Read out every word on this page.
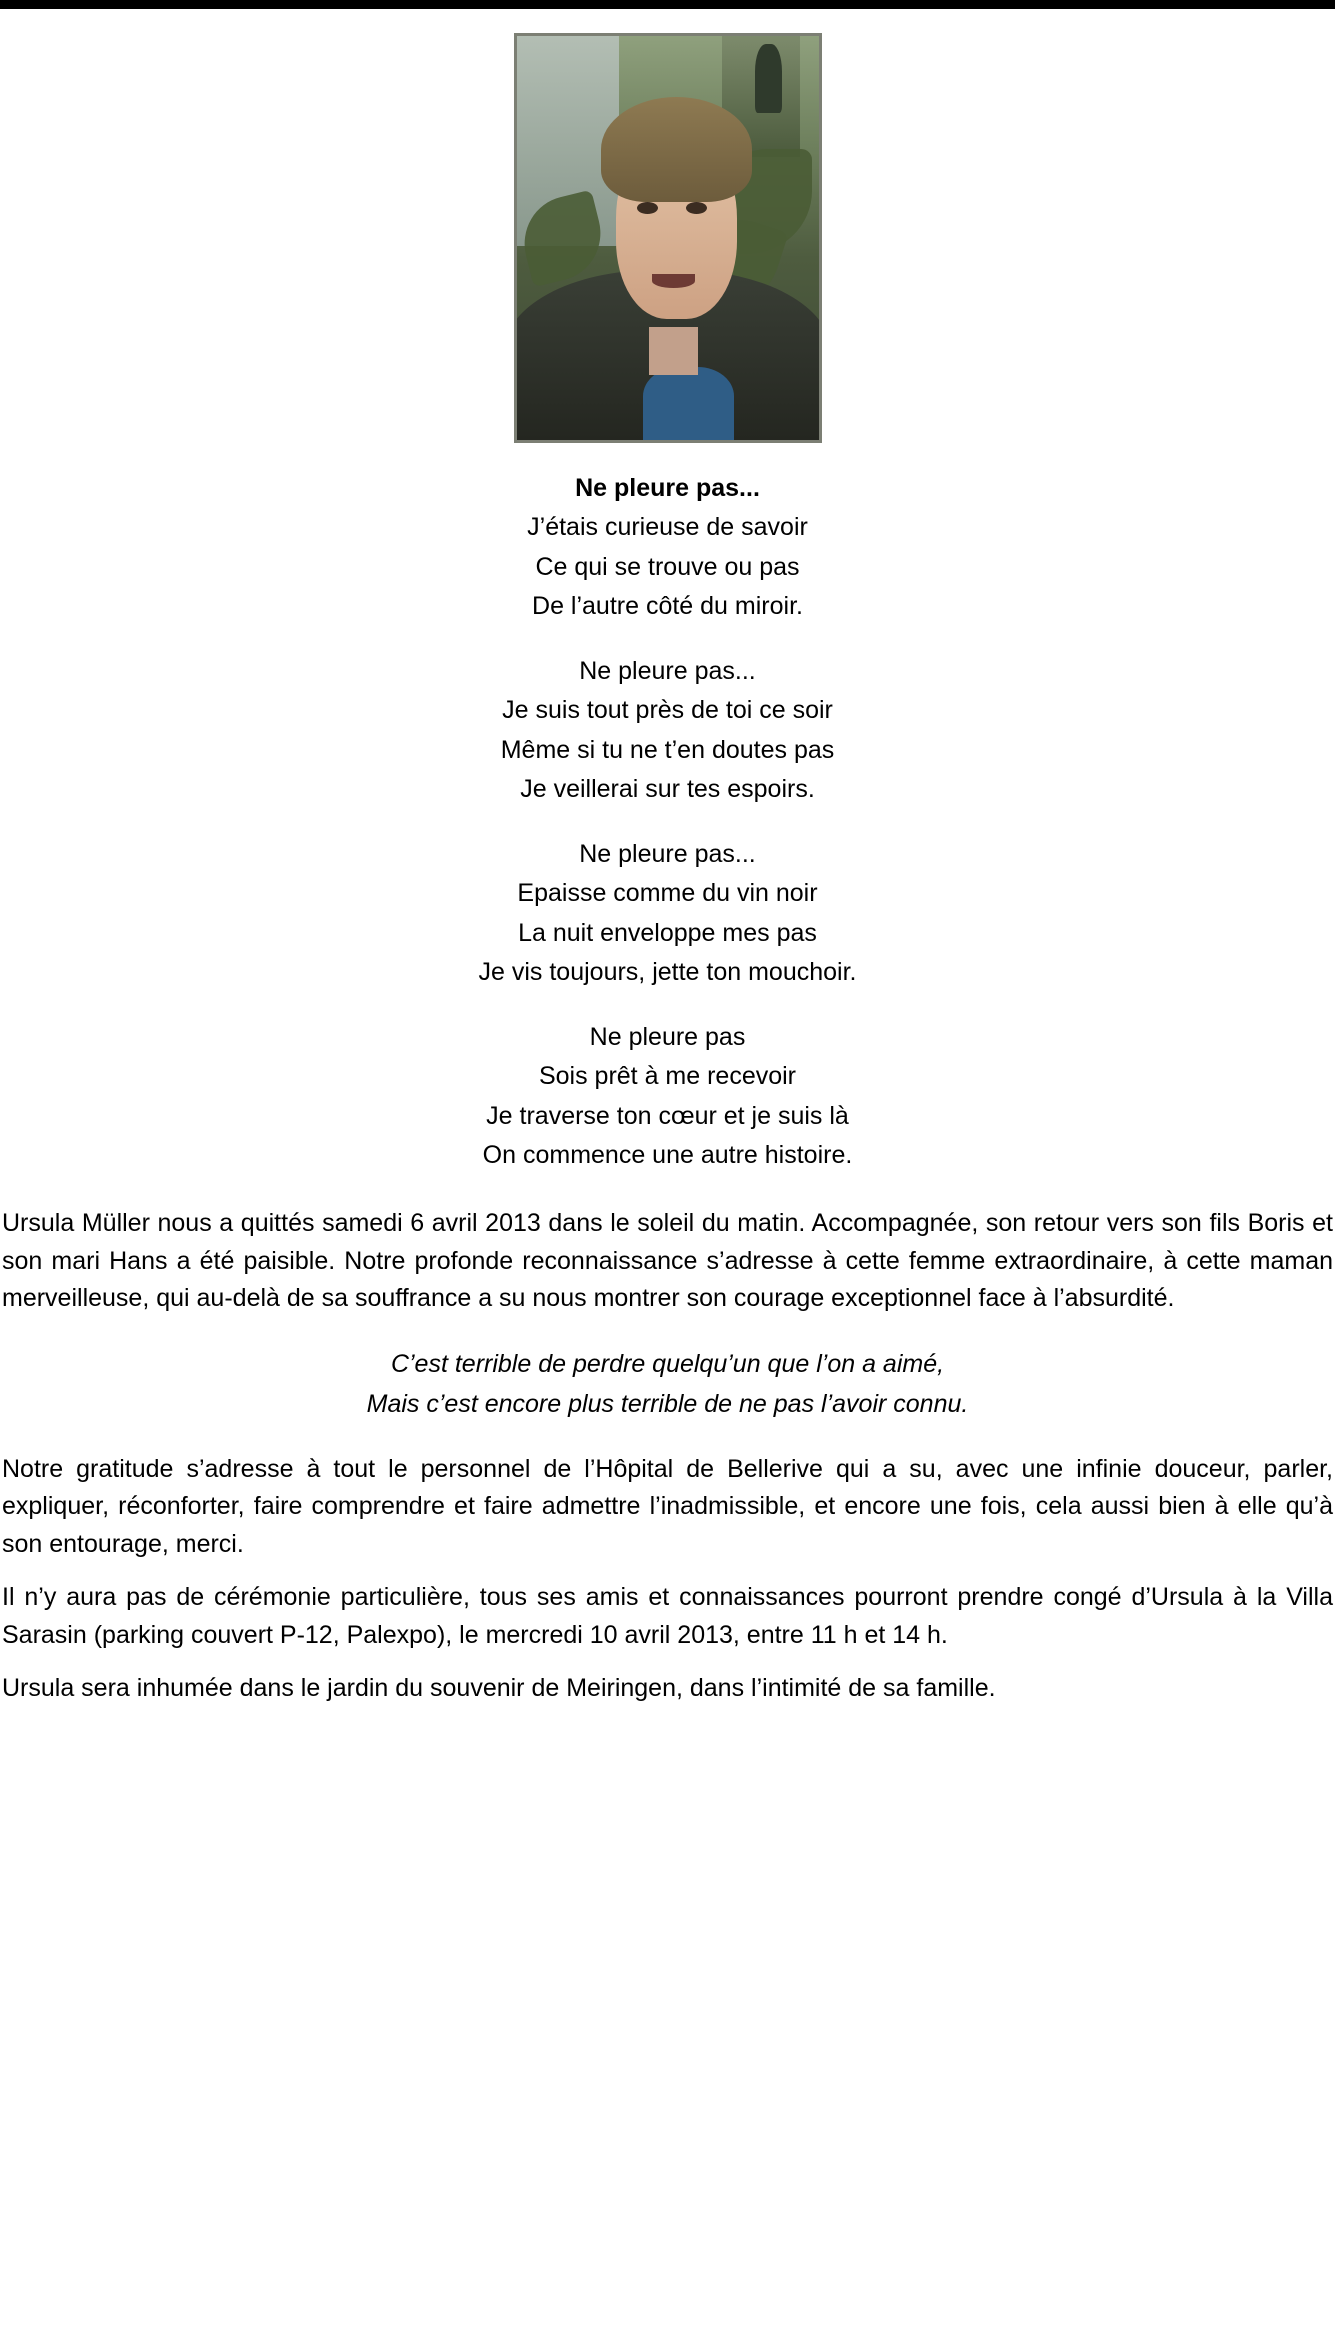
Ne pleure pas...
J’étais curieuse de savoir
Ce qui se trouve ou pas
De l’autre côté du miroir.
Ne pleure pas...
Je suis tout près de toi ce soir
Même si tu ne t’en doutes pas
Je veillerai sur tes espoirs.
Ne pleure pas...
Epaisse comme du vin noir
La nuit enveloppe mes pas
Je vis toujours, jette ton mouchoir.
Ne pleure pas
Sois prêt à me recevoir
Je traverse ton cœur et je suis là
On commence une autre histoire.

Ursula Müller nous a quittés samedi 6 avril 2013 dans le soleil du matin. Accompagnée, son retour vers son fils Boris et son mari Hans a été paisible. Notre profonde reconnaissance s’adresse à cette femme extraordinaire, à cette maman merveilleuse, qui au-delà de sa souffrance a su nous montrer son courage exceptionnel face à l’absurdité.

C’est terrible de perdre quelqu’un que l’on a aimé,
Mais c’est encore plus terrible de ne pas l’avoir connu.

Notre gratitude s’adresse à tout le personnel de l’Hôpital de Bellerive qui a su, avec une infinie douceur, parler, expliquer, réconforter, faire comprendre et faire admettre l’inadmissible, et encore une fois, cela aussi bien à elle qu’à son entourage, merci.

Il n’y aura pas de cérémonie particulière, tous ses amis et connaissances pourront prendre congé d’Ursula à la Villa Sarasin (parking couvert P-12, Palexpo), le mercredi 10 avril 2013, entre 11 h et 14 h.

Ursula sera inhumée dans le jardin du souvenir de Meiringen, dans l’intimité de sa famille.
